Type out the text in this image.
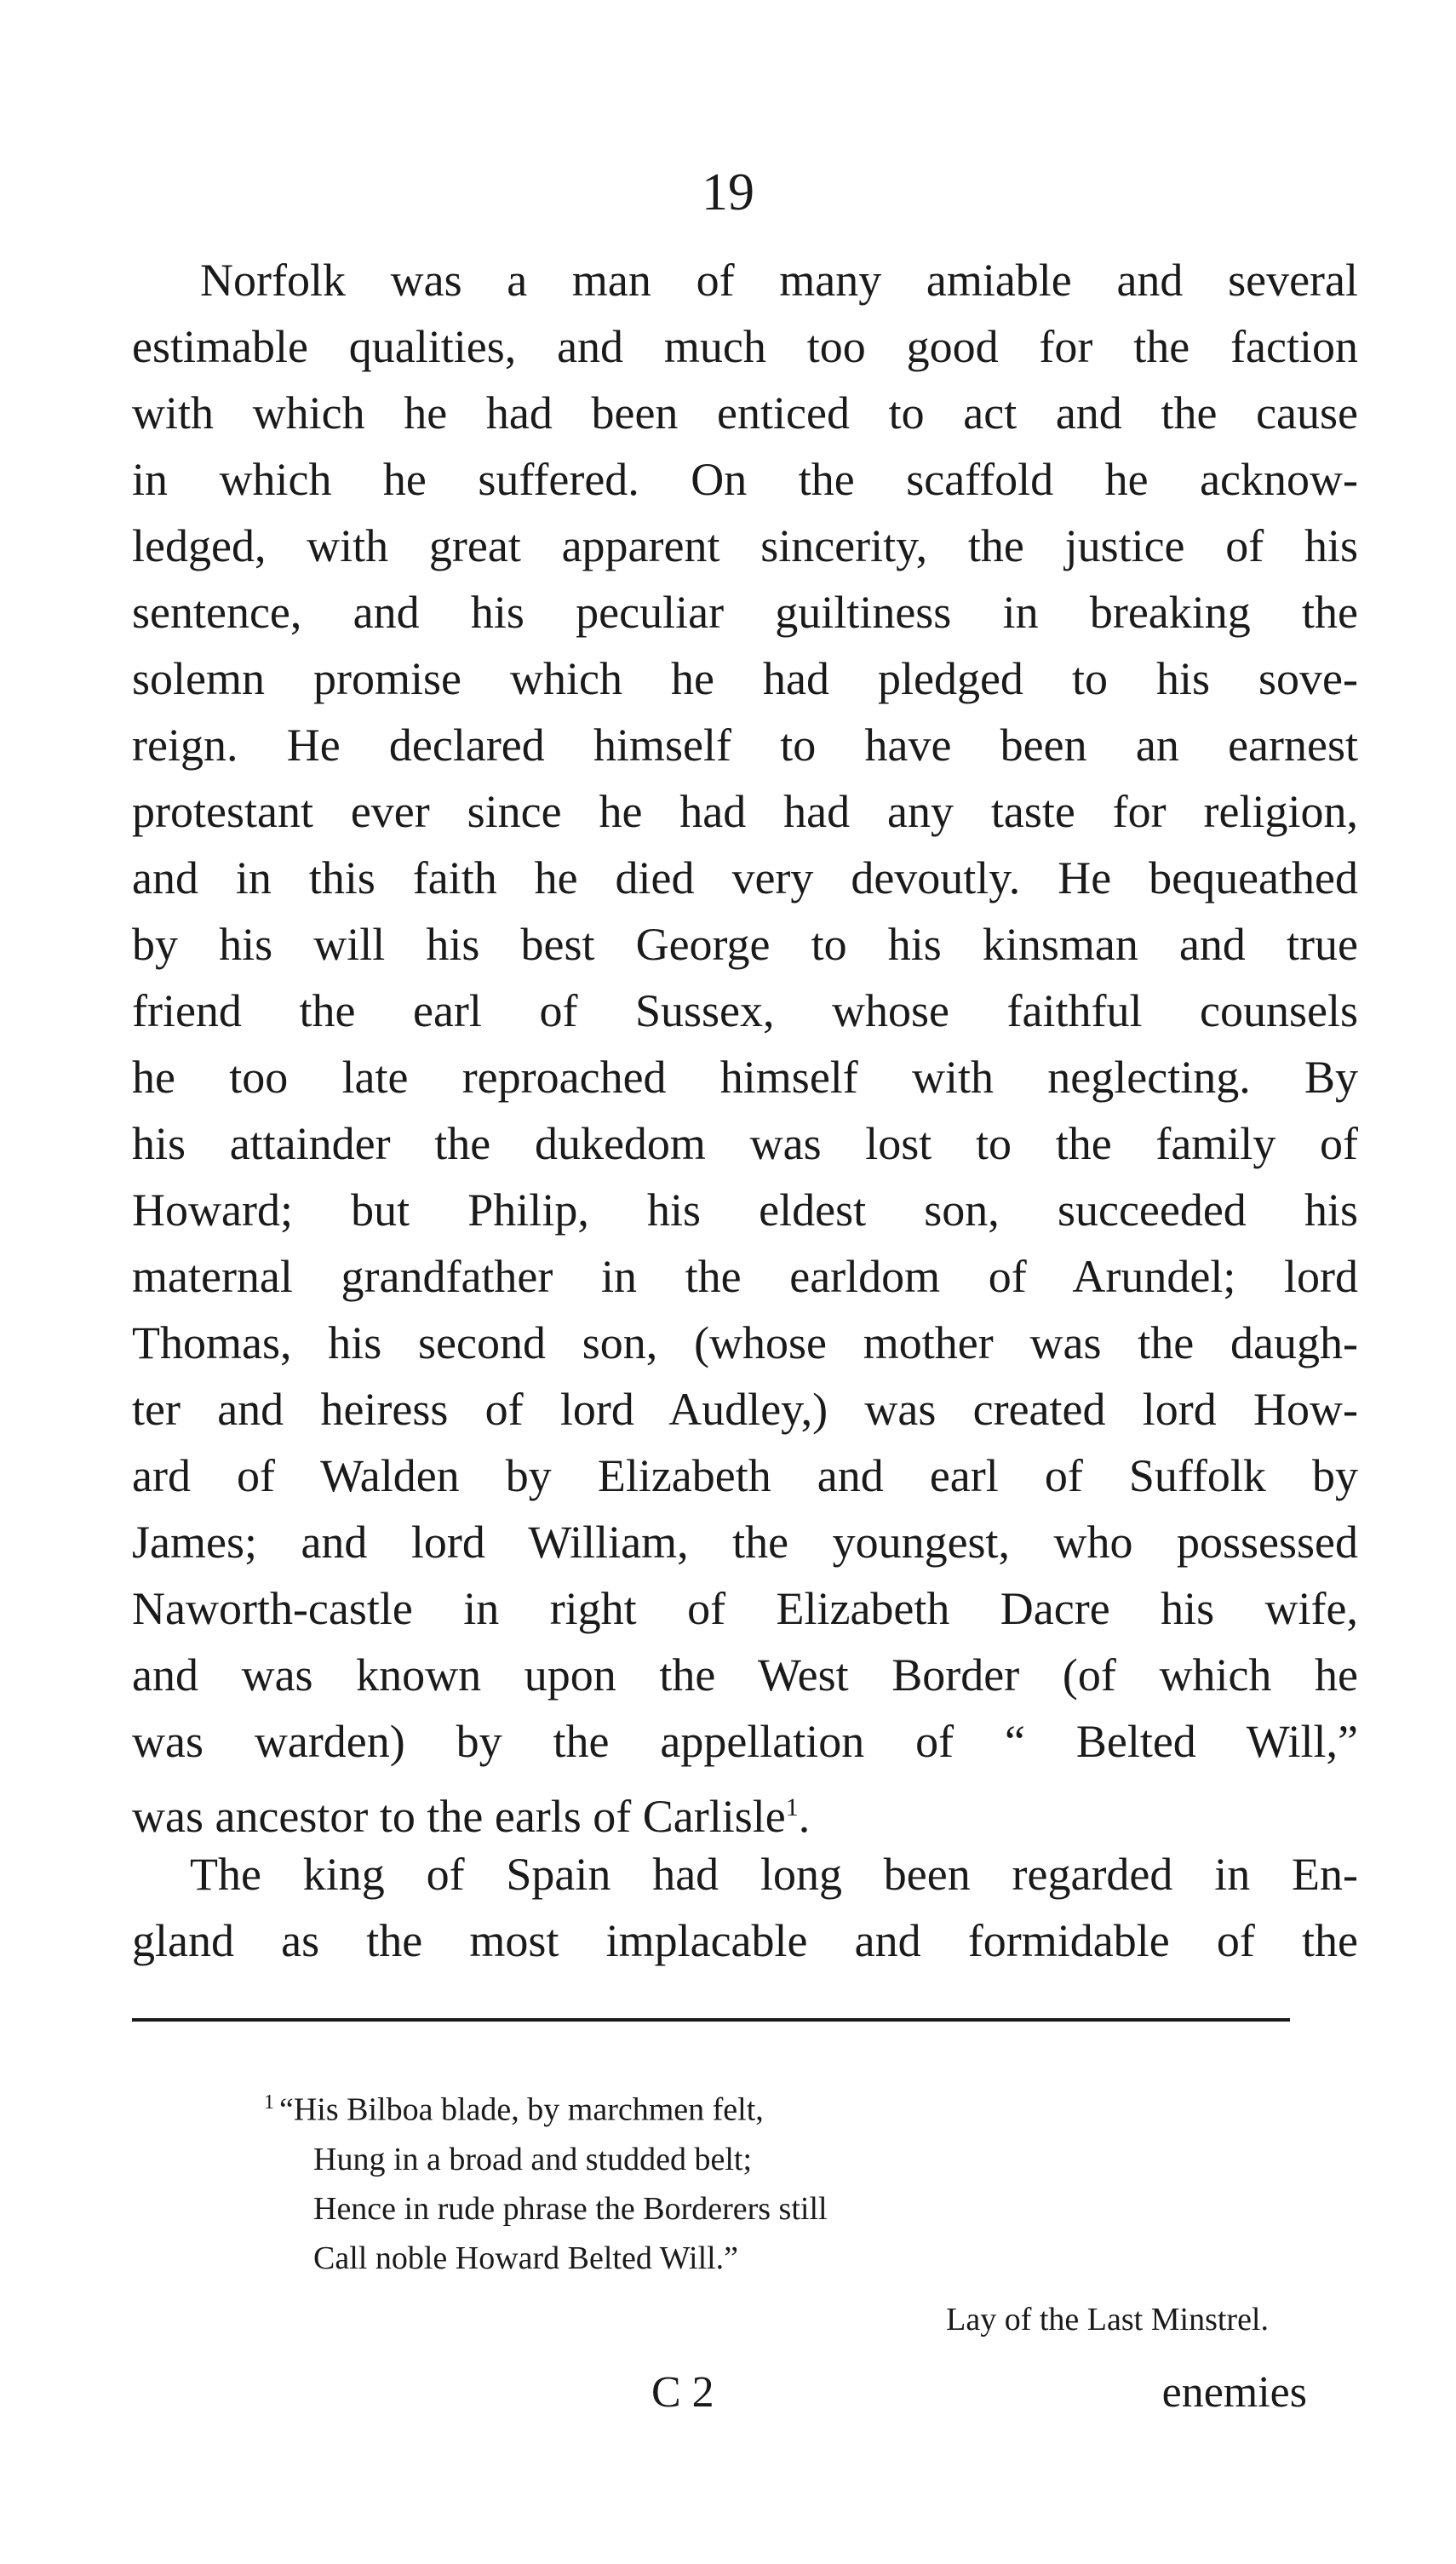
19
Norfolk was a man of many amiable and several
estimable qualities, and much too good for the faction
with which he had been enticed to act and the cause
in which he suffered. On the scaffold he acknow-
ledged, with great apparent sincerity, the justice of his
sentence, and his peculiar guiltiness in breaking the
solemn promise which he had pledged to his sove-
reign. He declared himself to have been an earnest
protestant ever since he had had any taste for religion,
and in this faith he died very devoutly. He bequeathed
by his will his best George to his kinsman and true
friend the earl of Sussex, whose faithful counsels
he too late reproached himself with neglecting. By
his attainder the dukedom was lost to the family of
Howard; but Philip, his eldest son, succeeded his
maternal grandfather in the earldom of Arundel; lord
Thomas, his second son, (whose mother was the daugh-
ter and heiress of lord Audley,) was created lord How-
ard of Walden by Elizabeth and earl of Suffolk by
James; and lord William, the youngest, who possessed
Naworth-castle in right of Elizabeth Dacre his wife,
and was known upon the West Border (of which he
was warden) by the appellation of “ Belted Will,”
was ancestor to the earls of Carlisle$^1$.
The king of Spain had long been regarded in En-
gland as the most implacable and formidable of the
$^1$ “His Bilboa blade, by marchmen felt,
Hung in a broad and studded belt;
Hence in rude phrase the Borderers still
Call noble Howard Belted Will.”
Lay of the Last Minstrel.
C 2	enemies
